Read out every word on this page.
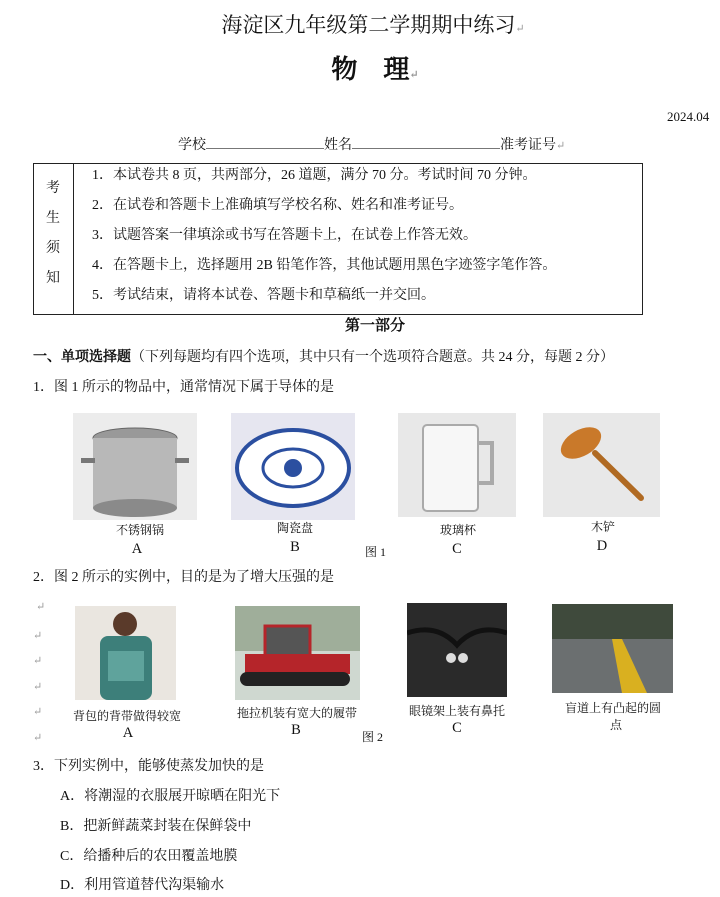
海淀区九年级第二学期期中练习↵
物　理↵
2024.04
学校	姓名	准考证号↵
考
生
须
知
1．本试卷共 8 页，共两部分，26 道题，满分 70 分。考试时间 70 分钟。
2．在试卷和答题卡上准确填写学校名称、姓名和准考证号。
3．试题答案一律填涂或书写在答题卡上，在试卷上作答无效。
4．在答题卡上，选择题用 2B 铅笔作答，其他试题用黑色字迹签字笔作答。
5．考试结束，请将本试卷、答题卡和草稿纸一并交回。
第一部分
一、单项选择题（下列每题均有四个选项，其中只有一个选项符合题意。共 24 分，每题 2 分）
1．图 1 所示的物品中，通常情况下属于导体的是
不锈钢锅	陶瓷盘	玻璃杯	木铲
A	B	C	D
图 1
2．图 2 所示的实例中，目的是为了增大压强的是
↵
↵
↵
↵
↵
↵
背包的背带做得较宽	拖拉机装有宽大的履带	眼镜架上装有鼻托	盲道上有凸起的圆
点
A	B	C
图 2
3．下列实例中，能够使蒸发加快的是
A．将潮湿的衣服展开晾晒在阳光下
B．把新鲜蔬菜封装在保鲜袋中
C．给播种后的农田覆盖地膜
D．利用管道替代沟渠输水
